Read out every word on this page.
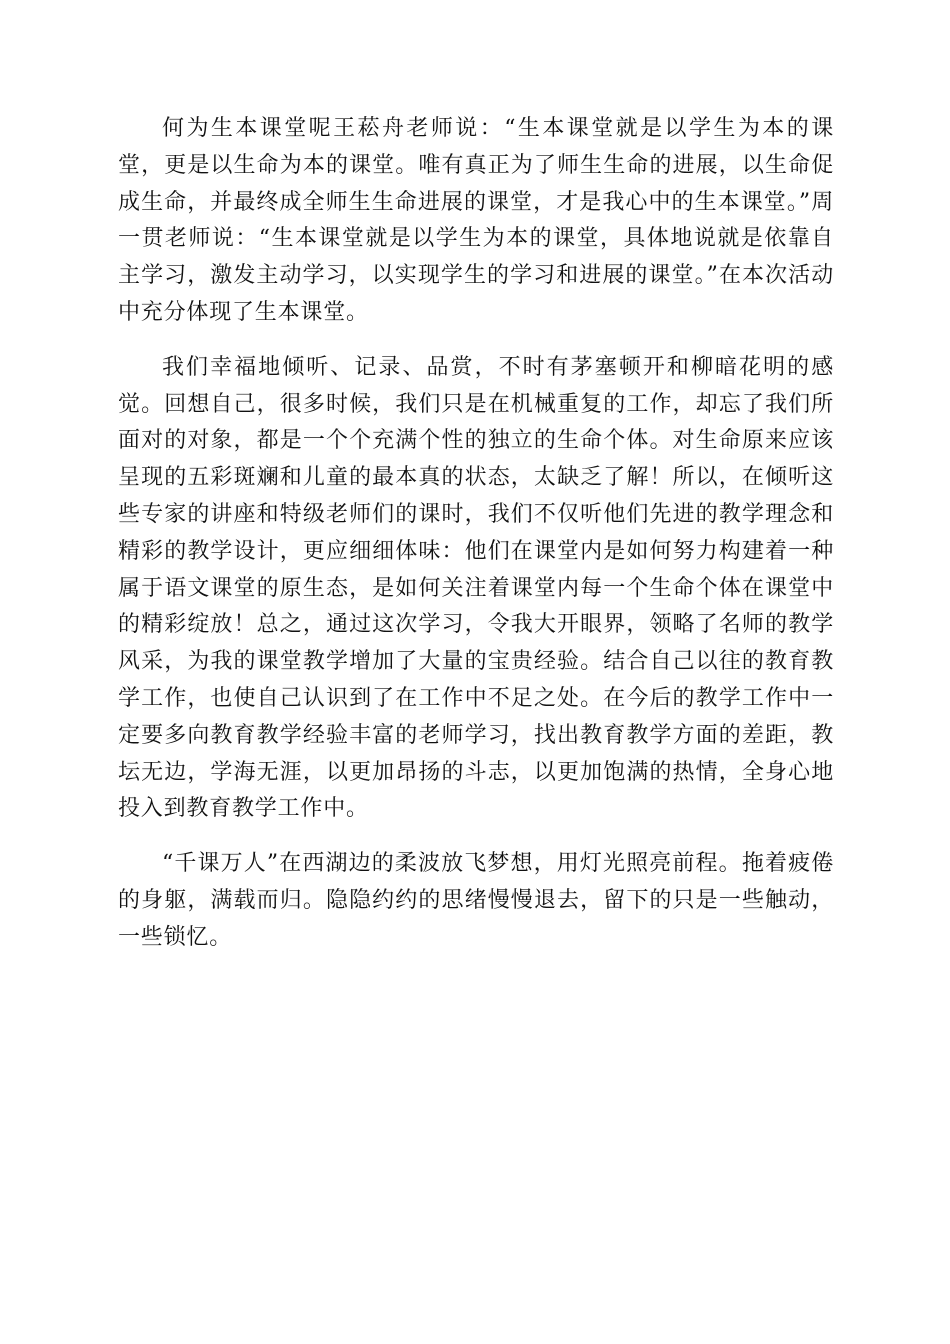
何为生本课堂呢王菘舟老师说：“生本课堂就是以学生为本的课堂，更是以生命为本的课堂。唯有真正为了师生生命的进展，以生命促成生命，并最终成全师生生命进展的课堂，才是我心中的生本课堂。”周一贯老师说：“生本课堂就是以学生为本的课堂，具体地说就是依靠自主学习，激发主动学习，以实现学生的学习和进展的课堂。”在本次活动中充分体现了生本课堂。

我们幸福地倾听、记录、品赏，不时有茅塞顿开和柳暗花明的感觉。回想自己，很多时候，我们只是在机械重复的工作，却忘了我们所面对的对象，都是一个个充满个性的独立的生命个体。对生命原来应该呈现的五彩斑斓和儿童的最本真的状态，太缺乏了解！所以，在倾听这些专家的讲座和特级老师们的课时，我们不仅听他们先进的教学理念和精彩的教学设计，更应细细体味：他们在课堂内是如何努力构建着一种属于语文课堂的原生态，是如何关注着课堂内每一个生命个体在课堂中的精彩绽放！总之，通过这次学习，令我大开眼界，领略了名师的教学风采，为我的课堂教学增加了大量的宝贵经验。结合自己以往的教育教学工作，也使自己认识到了在工作中不足之处。在今后的教学工作中一定要多向教育教学经验丰富的老师学习，找出教育教学方面的差距，教坛无边，学海无涯，以更加昂扬的斗志，以更加饱满的热情，全身心地投入到教育教学工作中。

“千课万人”在西湖边的柔波放飞梦想，用灯光照亮前程。拖着疲倦的身躯，满载而归。隐隐约约的思绪慢慢退去，留下的只是一些触动，一些锁忆。
